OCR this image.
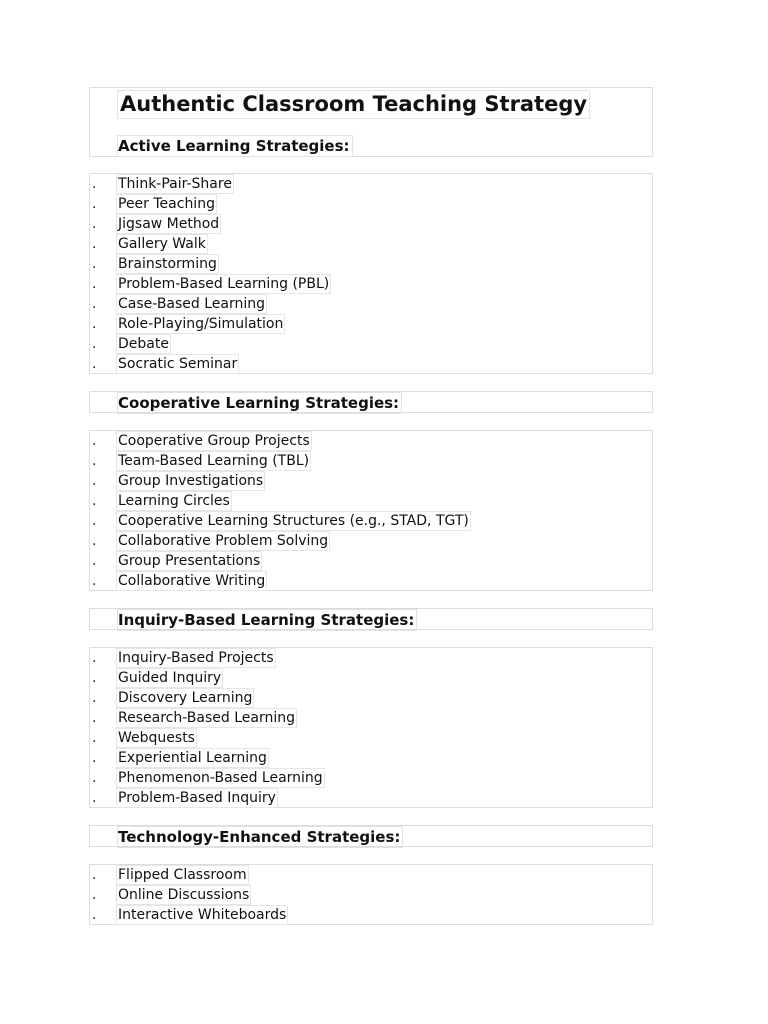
Authentic Classroom Teaching Strategy
Active Learning Strategies:
.	Think-Pair-Share
.	Peer Teaching
.	Jigsaw Method
.	Gallery Walk
.	Brainstorming
.	Problem-Based Learning (PBL)
.	Case-Based Learning
.	Role-Playing/Simulation
.	Debate
.	Socratic Seminar
Cooperative Learning Strategies:
.	Cooperative Group Projects
.	Team-Based Learning (TBL)
.	Group Investigations
.	Learning Circles
.	Cooperative Learning Structures (e.g., STAD, TGT)
.	Collaborative Problem Solving
.	Group Presentations
.	Collaborative Writing
Inquiry-Based Learning Strategies:
.	Inquiry-Based Projects
.	Guided Inquiry
.	Discovery Learning
.	Research-Based Learning
.	Webquests
.	Experiential Learning
.	Phenomenon-Based Learning
.	Problem-Based Inquiry
Technology-Enhanced Strategies:
.	Flipped Classroom
.	Online Discussions
.	Interactive Whiteboards
